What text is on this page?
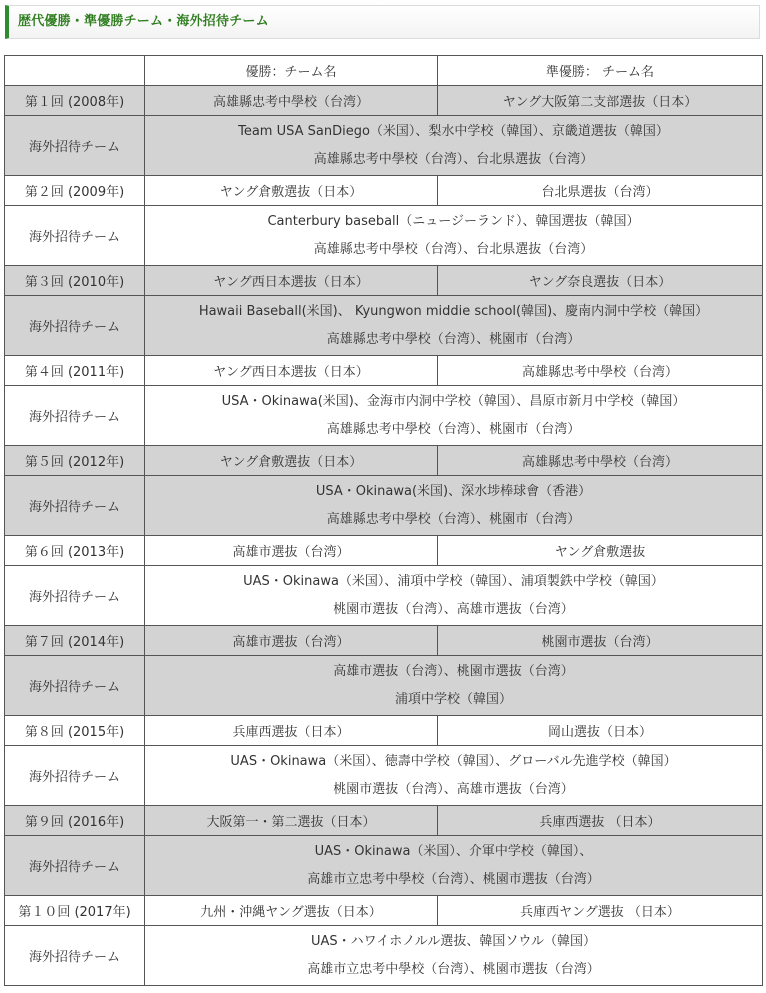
歴代優勝・準優勝チーム・海外招待チーム
	優勝：チーム名	準優勝： チーム名
第１回 (2008年)	高雄縣忠考中學校（台湾）	ヤング大阪第二支部選抜（日本）
海外招待チーム	Team USA SanDiego（米国）、梨水中学校（韓国）、京畿道選抜（韓国）
高雄縣忠考中學校（台湾）、台北県選抜（台湾）	

第２回 (2009年)	ヤング倉敷選抜（日本）	台北県選抜（台湾）
海外招待チーム	Canterbury baseball（ニュージーランド）、韓国選抜（韓国）
高雄縣忠考中學校（台湾）、台北県選抜（台湾）	

第３回 (2010年)	ヤング西日本選抜（日本）	ヤング奈良選抜（日本）
海外招待チーム	Hawaii Baseball(米国)、 Kyungwon middie school(韓国)、慶南内洞中学校（韓国）
高雄縣忠考中學校（台湾）、桃園市（台湾）	

第４回 (2011年)	ヤング西日本選抜（日本）	高雄縣忠考中學校（台湾）
海外招待チーム	USA・Okinawa(米国)、金海市内洞中学校（韓国）、昌原市新月中学校（韓国）
高雄縣忠考中學校（台湾）、桃園市（台湾）	

第５回 (2012年)	ヤング倉敷選抜（日本）	高雄縣忠考中學校（台湾）
海外招待チーム	USA・Okinawa(米国)、深水埗棒球會（香港）
高雄縣忠考中學校（台湾）、桃園市（台湾）	

第６回 (2013年)	高雄市選抜（台湾）	ヤング倉敷選抜
海外招待チーム	UAS・Okinawa（米国）、浦項中学校（韓国）、浦項製鉄中学校（韓国）
桃園市選抜（台湾）、高雄市選抜（台湾）	

第７回 (2014年)	高雄市選抜（台湾）	桃園市選抜（台湾）
海外招待チーム	高雄市選抜（台湾）、桃園市選抜（台湾）
浦項中学校（韓国）	

第８回 (2015年)	兵庫西選抜（日本）	岡山選抜（日本）
海外招待チーム	UAS・Okinawa（米国）、徳壽中学校（韓国）、グローバル先進学校（韓国）
桃園市選抜（台湾）、高雄市選抜（台湾）	

第９回 (2016年)	大阪第一・第二選抜（日本）	兵庫西選抜 （日本）
海外招待チーム	UAS・Okinawa（米国）、介軍中学校（韓国）、
高雄市立忠考中學校（台湾）、桃園市選抜（台湾）	

第１０回 (2017年)	九州・沖縄ヤング選抜（日本）	兵庫西ヤング選抜 （日本）
海外招待チーム	UAS・ハワイホノルル選抜、韓国ソウル（韓国）
高雄市立忠考中學校（台湾）、桃園市選抜（台湾）	
